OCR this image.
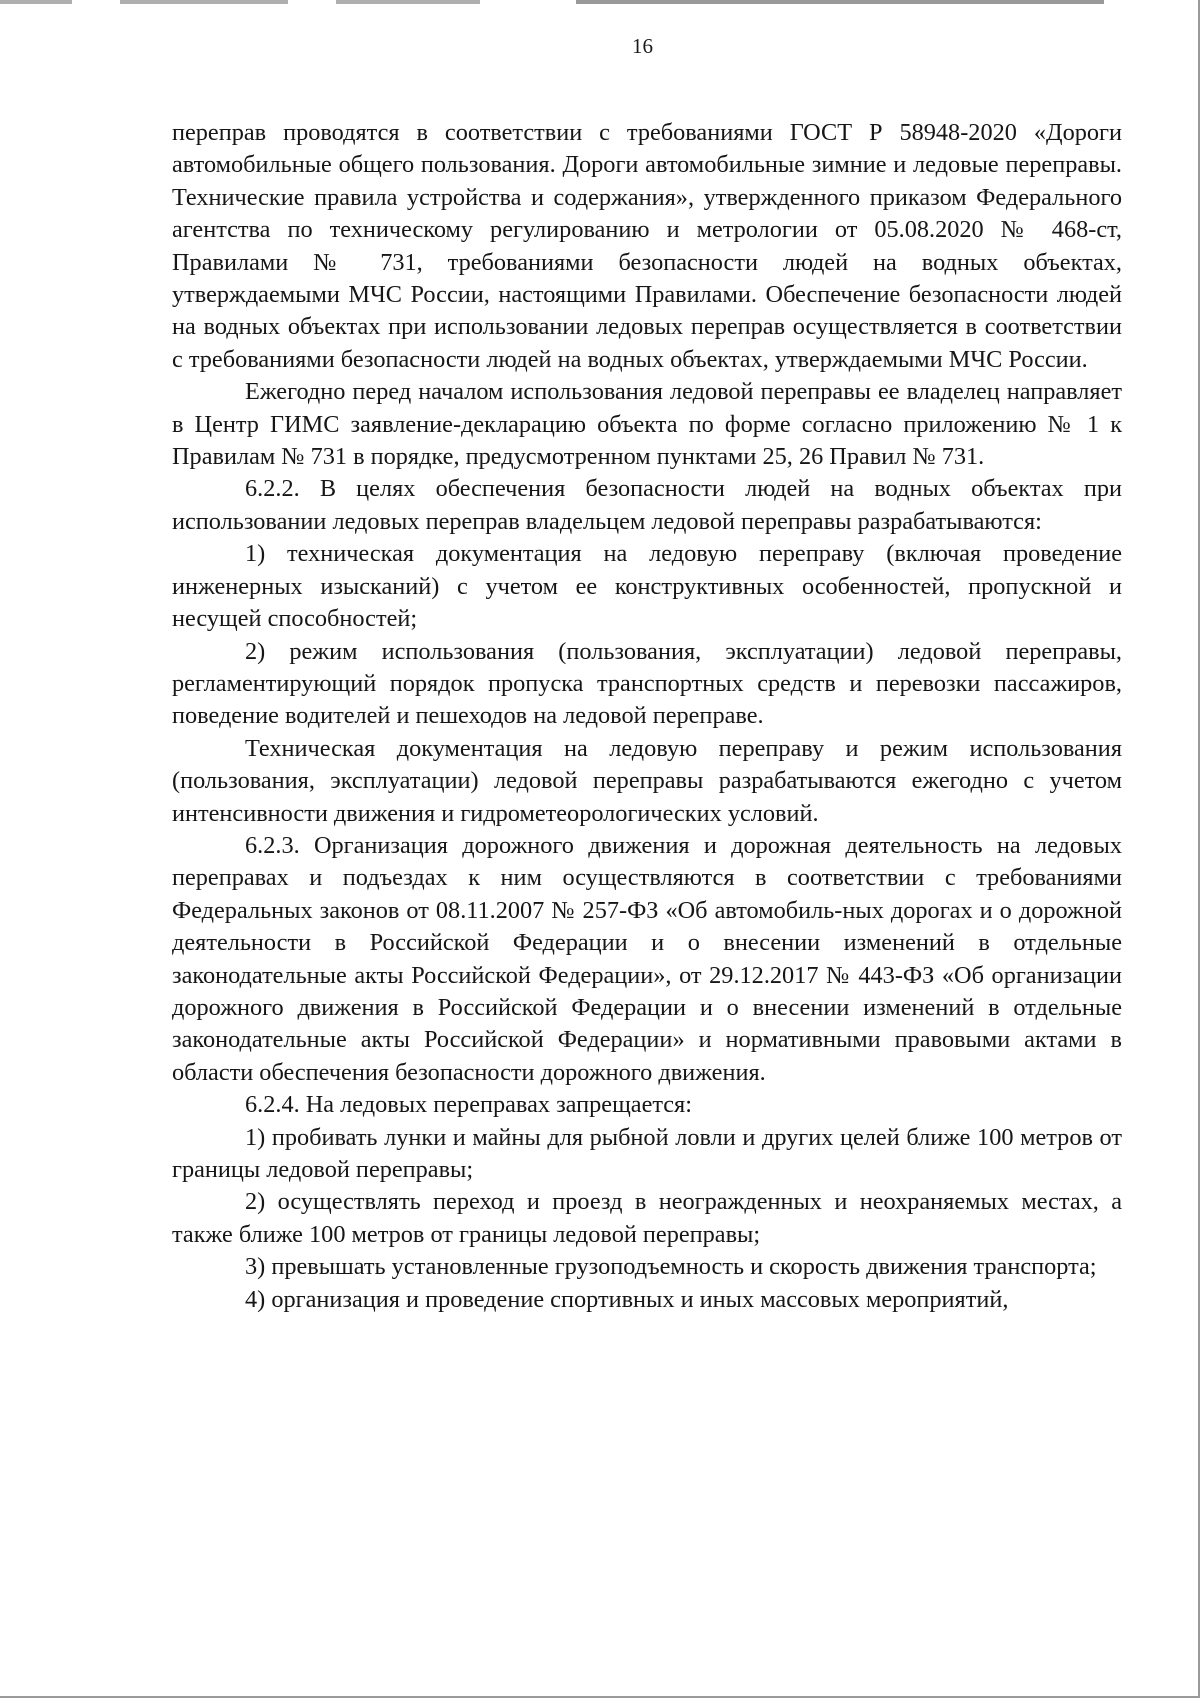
16

переправ проводятся в соответствии с требованиями ГОСТ Р 58948-2020 «Дороги автомобильные общего пользования. Дороги автомобильные зимние и ледовые переправы. Технические правила устройства и содержания», утвержденного приказом Федерального агентства по техническому регулированию и метрологии от 05.08.2020 № 468-ст, Правилами № 731, требованиями безопасности людей на водных объектах, утверждаемыми МЧС России, настоящими Правилами. Обеспечение безопасности людей на водных объектах при использовании ледовых переправ осуществляется в соответствии с требованиями безопасности людей на водных объектах, утверждаемыми МЧС России.

Ежегодно перед началом использования ледовой переправы ее владелец направляет в Центр ГИМС заявление-декларацию объекта по форме согласно приложению № 1 к Правилам № 731 в порядке, предусмотренном пунктами 25, 26 Правил № 731.

6.2.2. В целях обеспечения безопасности людей на водных объектах при использовании ледовых переправ владельцем ледовой переправы разрабатываются:

1) техническая документация на ледовую переправу (включая проведение инженерных изысканий) с учетом ее конструктивных особенностей, пропускной и несущей способностей;

2) режим использования (пользования, эксплуатации) ледовой переправы, регламентирующий порядок пропуска транспортных средств и перевозки пассажиров, поведение водителей и пешеходов на ледовой переправе.

Техническая документация на ледовую переправу и режим использования (пользования, эксплуатации) ледовой переправы разрабатываются ежегодно с учетом интенсивности движения и гидрометеорологических условий.

6.2.3. Организация дорожного движения и дорожная деятельность на ледовых переправах и подъездах к ним осуществляются в соответствии с требованиями Федеральных законов от 08.11.2007 № 257-ФЗ «Об автомобиль-ных дорогах и о дорожной деятельности в Российской Федерации и о внесении изменений в отдельные законодательные акты Российской Федерации», от 29.12.2017 № 443-ФЗ «Об организации дорожного движения в Российской Федерации и о внесении изменений в отдельные законодательные акты Российской Федерации» и нормативными правовыми актами в области обеспечения безопасности дорожного движения.

6.2.4. На ледовых переправах запрещается:

1) пробивать лунки и майны для рыбной ловли и других целей ближе 100 метров от границы ледовой переправы;

2) осуществлять переход и проезд в неогражденных и неохраняемых местах, а также ближе 100 метров от границы ледовой переправы;

3) превышать установленные грузоподъемность и скорость движения транспорта;

4) организация и проведение спортивных и иных массовых мероприятий,
